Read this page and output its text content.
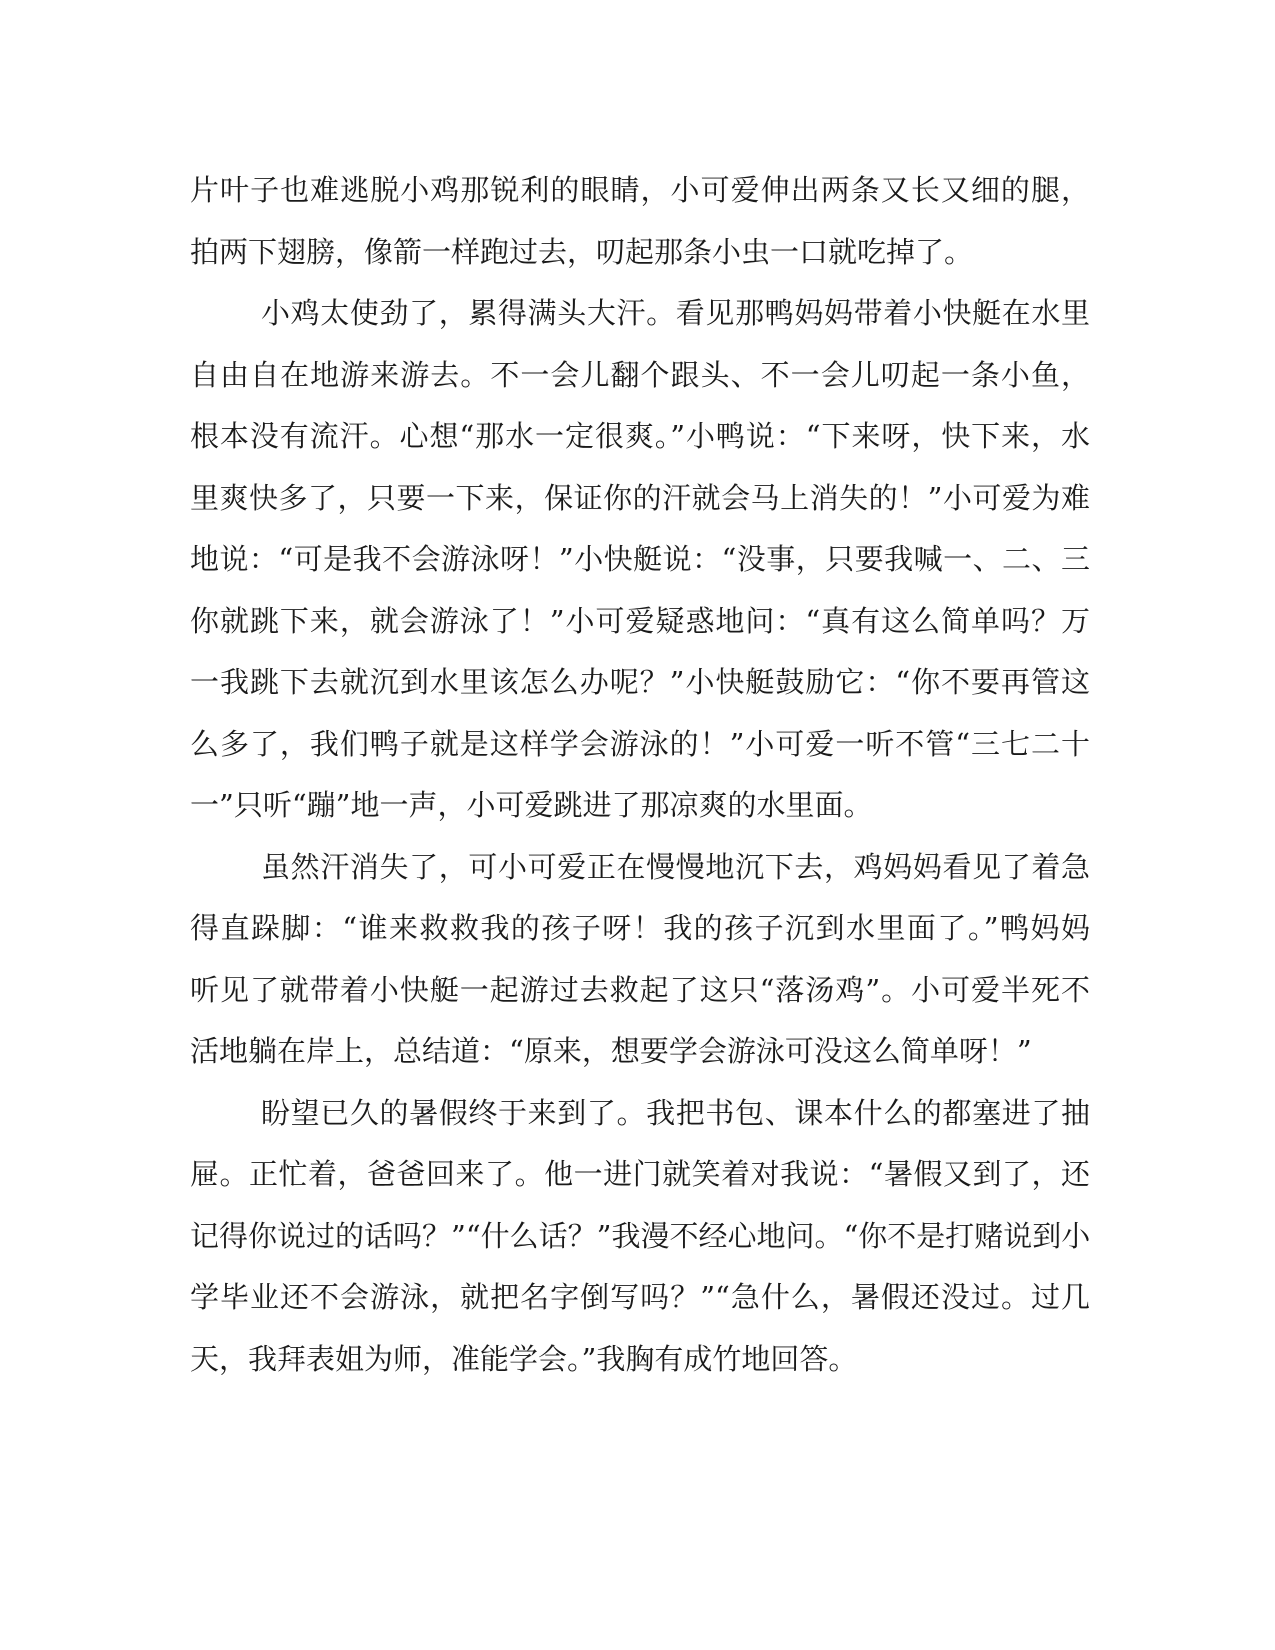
片叶子也难逃脱小鸡那锐利的眼睛，小可爱伸出两条又长又细的腿，
拍两下翅膀，像箭一样跑过去，叨起那条小虫一口就吃掉了。
小鸡太使劲了，累得满头大汗。看见那鸭妈妈带着小快艇在水里
自由自在地游来游去。不一会儿翻个跟头、不一会儿叨起一条小鱼，
根本没有流汗。心想“那水一定很爽。”小鸭说：“下来呀，快下来，水
里爽快多了，只要一下来，保证你的汗就会马上消失的！”小可爱为难
地说：“可是我不会游泳呀！”小快艇说：“没事，只要我喊一、二、三
你就跳下来，就会游泳了！”小可爱疑惑地问：“真有这么简单吗？万
一我跳下去就沉到水里该怎么办呢？”小快艇鼓励它：“你不要再管这
么多了，我们鸭子就是这样学会游泳的！”小可爱一听不管“三七二十
一”只听“蹦”地一声，小可爱跳进了那凉爽的水里面。
虽然汗消失了，可小可爱正在慢慢地沉下去，鸡妈妈看见了着急
得直跺脚：“谁来救救我的孩子呀！我的孩子沉到水里面了。”鸭妈妈
听见了就带着小快艇一起游过去救起了这只“落汤鸡”。小可爱半死不
活地躺在岸上，总结道：“原来，想要学会游泳可没这么简单呀！”
盼望已久的暑假终于来到了。我把书包、课本什么的都塞进了抽
屉。正忙着，爸爸回来了。他一进门就笑着对我说：“暑假又到了，还
记得你说过的话吗？”“什么话？”我漫不经心地问。“你不是打赌说到小
学毕业还不会游泳，就把名字倒写吗？”“急什么，暑假还没过。过几
天，我拜表姐为师，准能学会。”我胸有成竹地回答。
